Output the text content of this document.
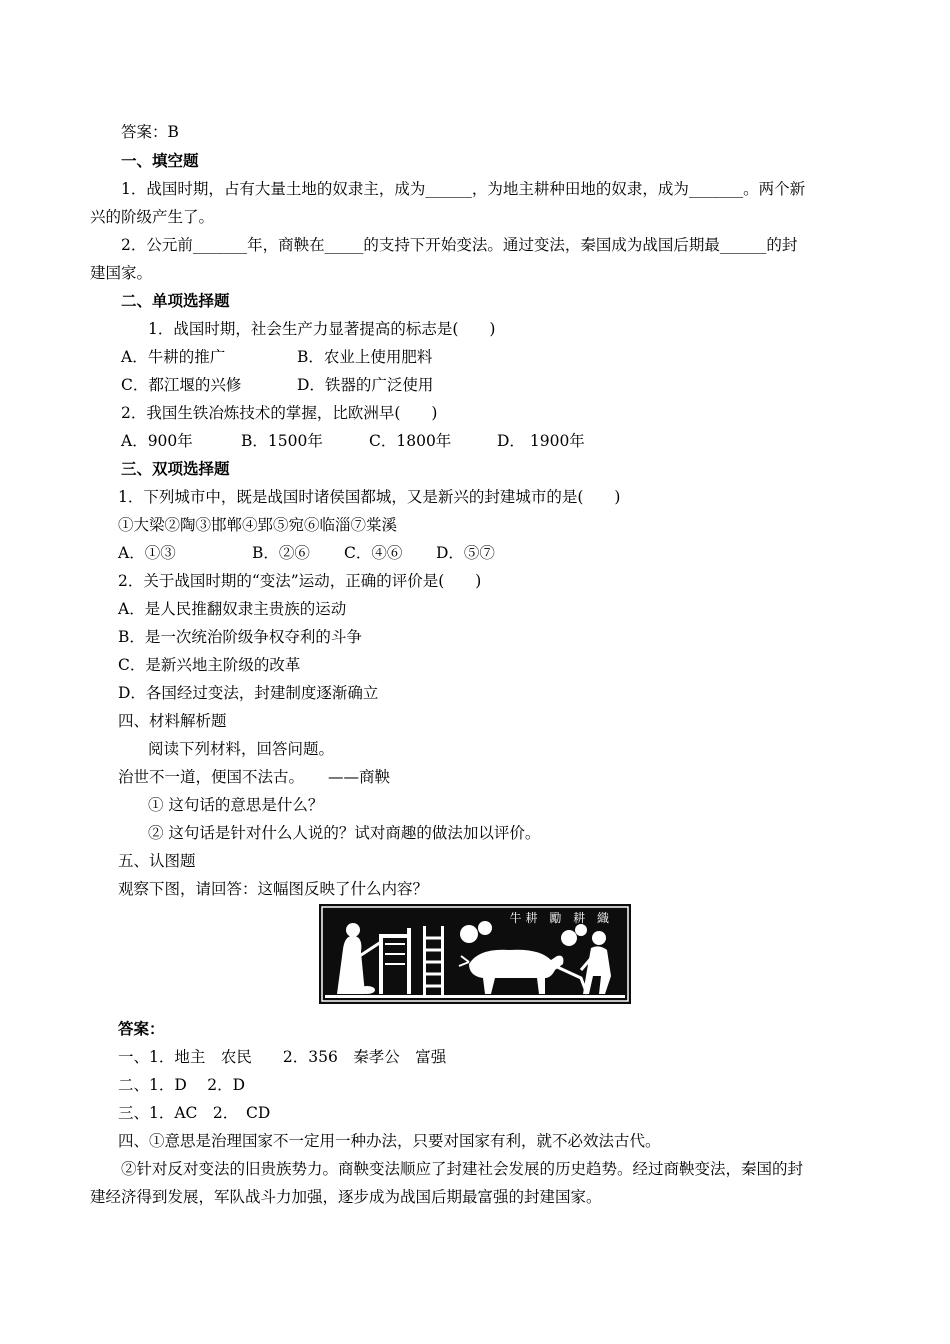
答案：B
一、填空题
1．战国时期，占有大量土地的奴隶主，成为______，为地主耕种田地的奴隶，成为_______。两个新
兴的阶级产生了。
2．公元前_______年，商鞅在_____的支持下开始变法。通过变法，秦国成为战国后期最______的封
建国家。
二、单项选择题
1．战国时期，社会生产力显著提高的标志是(　　)
A．牛耕的推广	B．农业上使用肥料
C．都江堰的兴修	D．铁器的广泛使用
2．我国生铁冶炼技术的掌握，比欧洲早(　　)
A．900年	B．1500年	C．1800年	D． 1900年
三、双项选择题
1．下列城市中，既是战国时诸侯国都城，又是新兴的封建城市的是(　　)
①大梁②陶③邯郸④郢⑤宛⑥临淄⑦棠溪
A．①③	B．②⑥ C．④⑥ D．⑤⑦
2．关于战国时期的“变法”运动，正确的评价是(　　)
A．是人民推翻奴隶主贵族的运动
B．是一次统治阶级争权夺利的斗争
C．是新兴地主阶级的改革
D．各国经过变法，封建制度逐渐确立
四、材料解析题
阅读下列材料，回答问题。
治世不一道，便国不法古。 ——商鞅
① 这句话的意思是什么？
② 这句话是针对什么人说的？试对商趣的做法加以评价。
五、认图题
观察下图，请回答：这幅图反映了什么内容？
牛耕 勵 耕 織
答案：
一、1．地主　农民　　2．356　秦孝公　富强
二、1．D　 2．D
三、1．AC　2．　CD
四、①意思是治理国家不一定用一种办法，只要对国家有利，就不必效法古代。
②针对反对变法的旧贵族势力。商鞅变法顺应了封建社会发展的历史趋势。经过商鞅变法，秦国的封
建经济得到发展，军队战斗力加强，逐步成为战国后期最富强的封建国家。
